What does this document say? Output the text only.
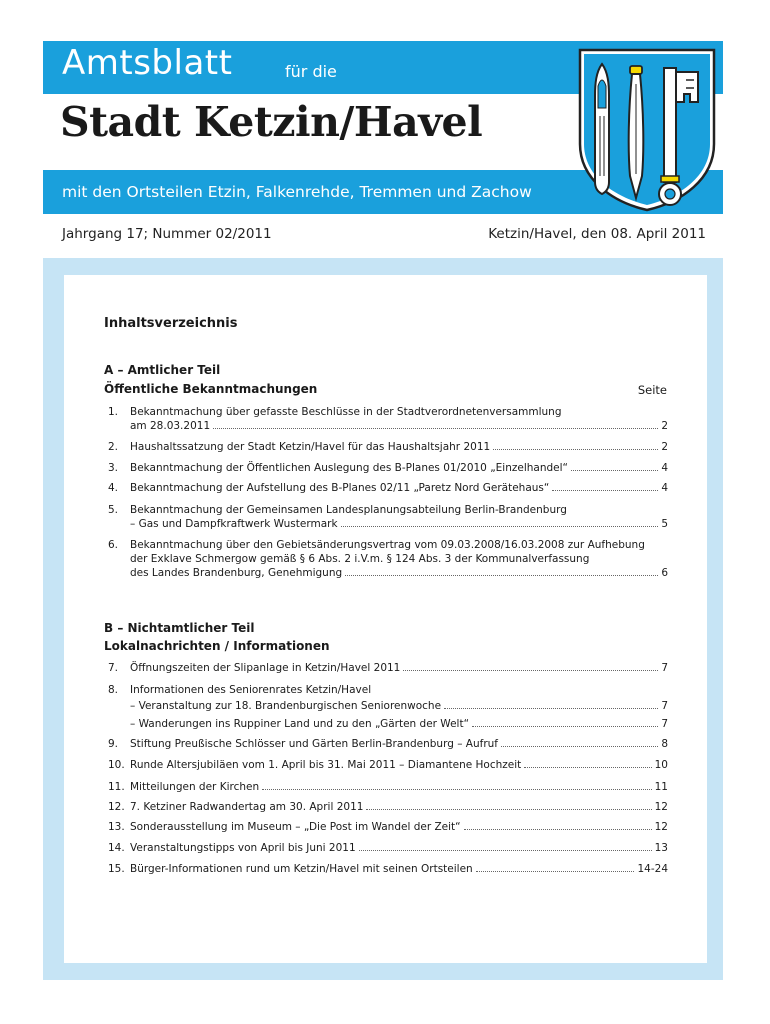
Amtsblatt	für die
Stadt Ketzin/Havel
mit den Ortsteilen Etzin, Falkenrehde, Tremmen und Zachow
Jahrgang 17; Nummer 02/2011	Ketzin/Havel, den 08. April 2011
Inhaltsverzeichnis
A – Amtlicher Teil
Öffentliche Bekanntmachungen	Seite
1. Bekanntmachung über gefasste Beschlüsse in der Stadtverordnetenversammlung
am 28.03.2011	2
2. Haushaltssatzung der Stadt Ketzin/Havel für das Haushaltsjahr 2011	2
3. Bekanntmachung der Öffentlichen Auslegung des B-Planes 01/2010 „Einzelhandel“	4
4. Bekanntmachung der Aufstellung des B-Planes 02/11 „Paretz Nord Gerätehaus“	4
5. Bekanntmachung der Gemeinsamen Landesplanungsabteilung Berlin-Brandenburg
– Gas und Dampfkraftwerk Wustermark	5
6. Bekanntmachung über den Gebietsänderungsvertrag vom 09.03.2008/16.03.2008 zur Aufhebung
der Exklave Schmergow gemäß § 6 Abs. 2 i.V.m. § 124 Abs. 3 der Kommunalverfassung
des Landes Brandenburg, Genehmigung	6
B – Nichtamtlicher Teil
Lokalnachrichten / Informationen
7. Öffnungszeiten der Slipanlage in Ketzin/Havel 2011	7
8. Informationen des Seniorenrates Ketzin/Havel
– Veranstaltung zur 18. Brandenburgischen Seniorenwoche	7
– Wanderungen ins Ruppiner Land und zu den „Gärten der Welt“	7
9. Stiftung Preußische Schlösser und Gärten Berlin-Brandenburg – Aufruf	8
10. Runde Altersjubiläen vom 1. April bis 31. Mai 2011 – Diamantene Hochzeit	10
11. Mitteilungen der Kirchen	11
12. 7. Ketziner Radwandertag am 30. April 2011	12
13. Sonderausstellung im Museum – „Die Post im Wandel der Zeit“	12
14. Veranstaltungstipps von April bis Juni 2011	13
15. Bürger-Informationen rund um Ketzin/Havel mit seinen Ortsteilen	14-24
